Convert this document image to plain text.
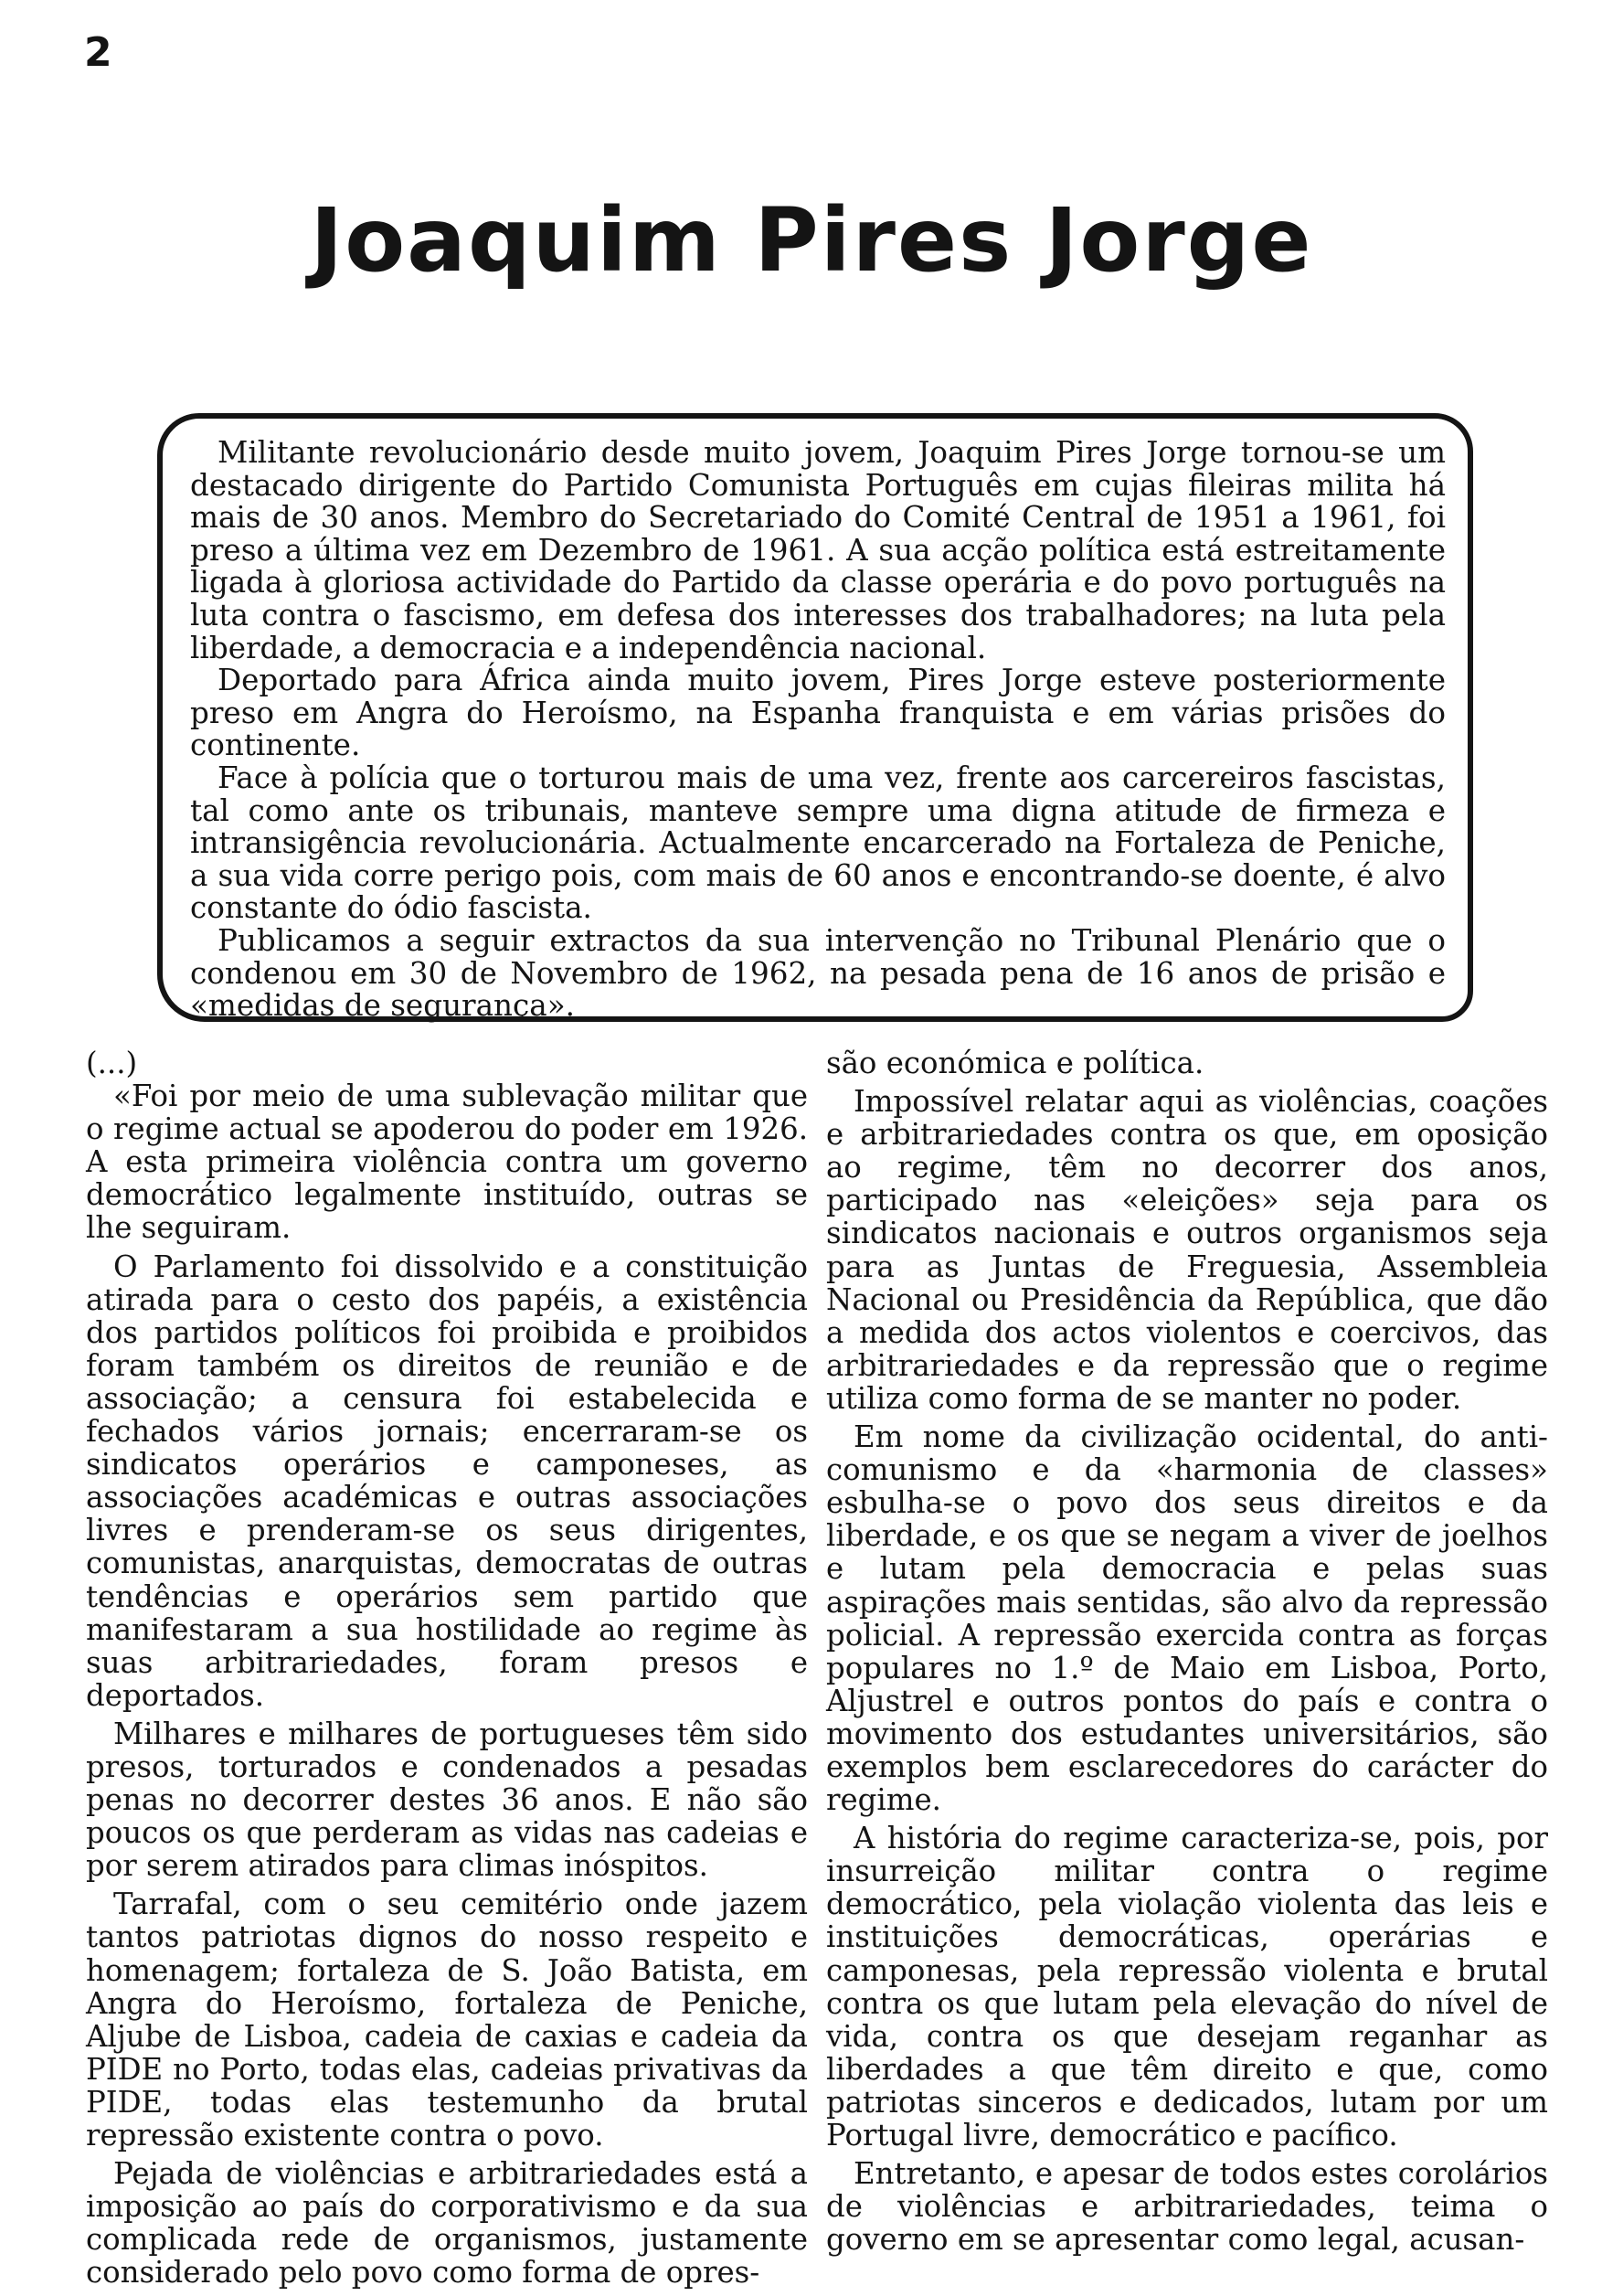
2
Joaquim Pires Jorge

Militante revolucionário desde muito jovem, Joaquim Pires Jorge tornou-se um destacado dirigente do Partido Comunista Português em cujas fileiras milita há mais de 30 anos. Membro do Secretariado do Comité Central de 1951 a 1961, foi preso a última vez em Dezembro de 1961. A sua acção política está estreitamente ligada à gloriosa actividade do Partido da classe operária e do povo português na luta contra o fascismo, em defesa dos interesses dos trabalhadores; na luta pela liberdade, a democracia e a independência nacional.

Deportado para África ainda muito jovem, Pires Jorge esteve posteriormente preso em Angra do Heroísmo, na Espanha franquista e em várias prisões do continente.

Face à polícia que o torturou mais de uma vez, frente aos carcereiros fascistas, tal como ante os tribunais, manteve sempre uma digna atitude de firmeza e intransigência revolucionária. Actualmente encarcerado na Fortaleza de Peniche, a sua vida corre perigo pois, com mais de 60 anos e encontrando-se doente, é alvo constante do ódio fascista.

Publicamos a seguir extractos da sua intervenção no Tribunal Plenário que o condenou em 30 de Novembro de 1962, na pesada pena de 16 anos de prisão e «medidas de segurança».

(...)

«Foi por meio de uma sublevação militar que o regime actual se apoderou do poder em 1926. A esta primeira violência contra um governo democrático legalmente instituído, outras se lhe seguiram.

O Parlamento foi dissolvido e a constituição atirada para o cesto dos papéis, a existência dos partidos políticos foi proibida e proibidos foram também os direitos de reunião e de associação; a censura foi estabelecida e fechados vários jornais; encerraram-se os sindicatos operários e camponeses, as associações académicas e outras associações livres e prenderam-se os seus dirigentes, comunistas, anarquistas, democratas de outras tendências e operários sem partido que manifestaram a sua hostilidade ao regime às suas arbitrariedades, foram presos e deportados.

Milhares e milhares de portugueses têm sido presos, torturados e condenados a pesadas penas no decorrer destes 36 anos. E não são poucos os que perderam as vidas nas cadeias e por serem atirados para climas inóspitos.

Tarrafal, com o seu cemitério onde jazem tantos patriotas dignos do nosso respeito e homenagem; fortaleza de S. João Batista, em Angra do Heroísmo, fortaleza de Peniche, Aljube de Lisboa, cadeia de caxias e cadeia da PIDE no Porto, todas elas, cadeias privativas da PIDE, todas elas testemunho da brutal repressão existente contra o povo.

Pejada de violências e arbitrariedades está a imposição ao país do corporativismo e da sua complicada rede de organismos, justamente considerado pelo povo como forma de opres-

são económica e política.

Impossível relatar aqui as violências, coações e arbitrariedades contra os que, em oposição ao regime, têm no decorrer dos anos, participado nas «eleições» seja para os sindicatos nacionais e outros organismos seja para as Juntas de Freguesia, Assembleia Nacional ou Presidência da República, que dão a medida dos actos violentos e coercivos, das arbitrariedades e da repressão que o regime utiliza como forma de se manter no poder.

Em nome da civilização ocidental, do anti-comunismo e da «harmonia de classes» esbulha-se o povo dos seus direitos e da liberdade, e os que se negam a viver de joelhos e lutam pela democracia e pelas suas aspirações mais sentidas, são alvo da repressão policial. A repressão exercida contra as forças populares no 1.º de Maio em Lisboa, Porto, Aljustrel e outros pontos do país e contra o movimento dos estudantes universitários, são exemplos bem esclarecedores do carácter do regime.

A história do regime caracteriza-se, pois, por insurreição militar contra o regime democrático, pela violação violenta das leis e instituições democráticas, operárias e camponesas, pela repressão violenta e brutal contra os que lutam pela elevação do nível de vida, contra os que desejam reganhar as liberdades a que têm direito e que, como patriotas sinceros e dedicados, lutam por um Portugal livre, democrático e pacífico.

Entretanto, e apesar de todos estes corolários de violências e arbitrariedades, teima o governo em se apresentar como legal, acusan-
